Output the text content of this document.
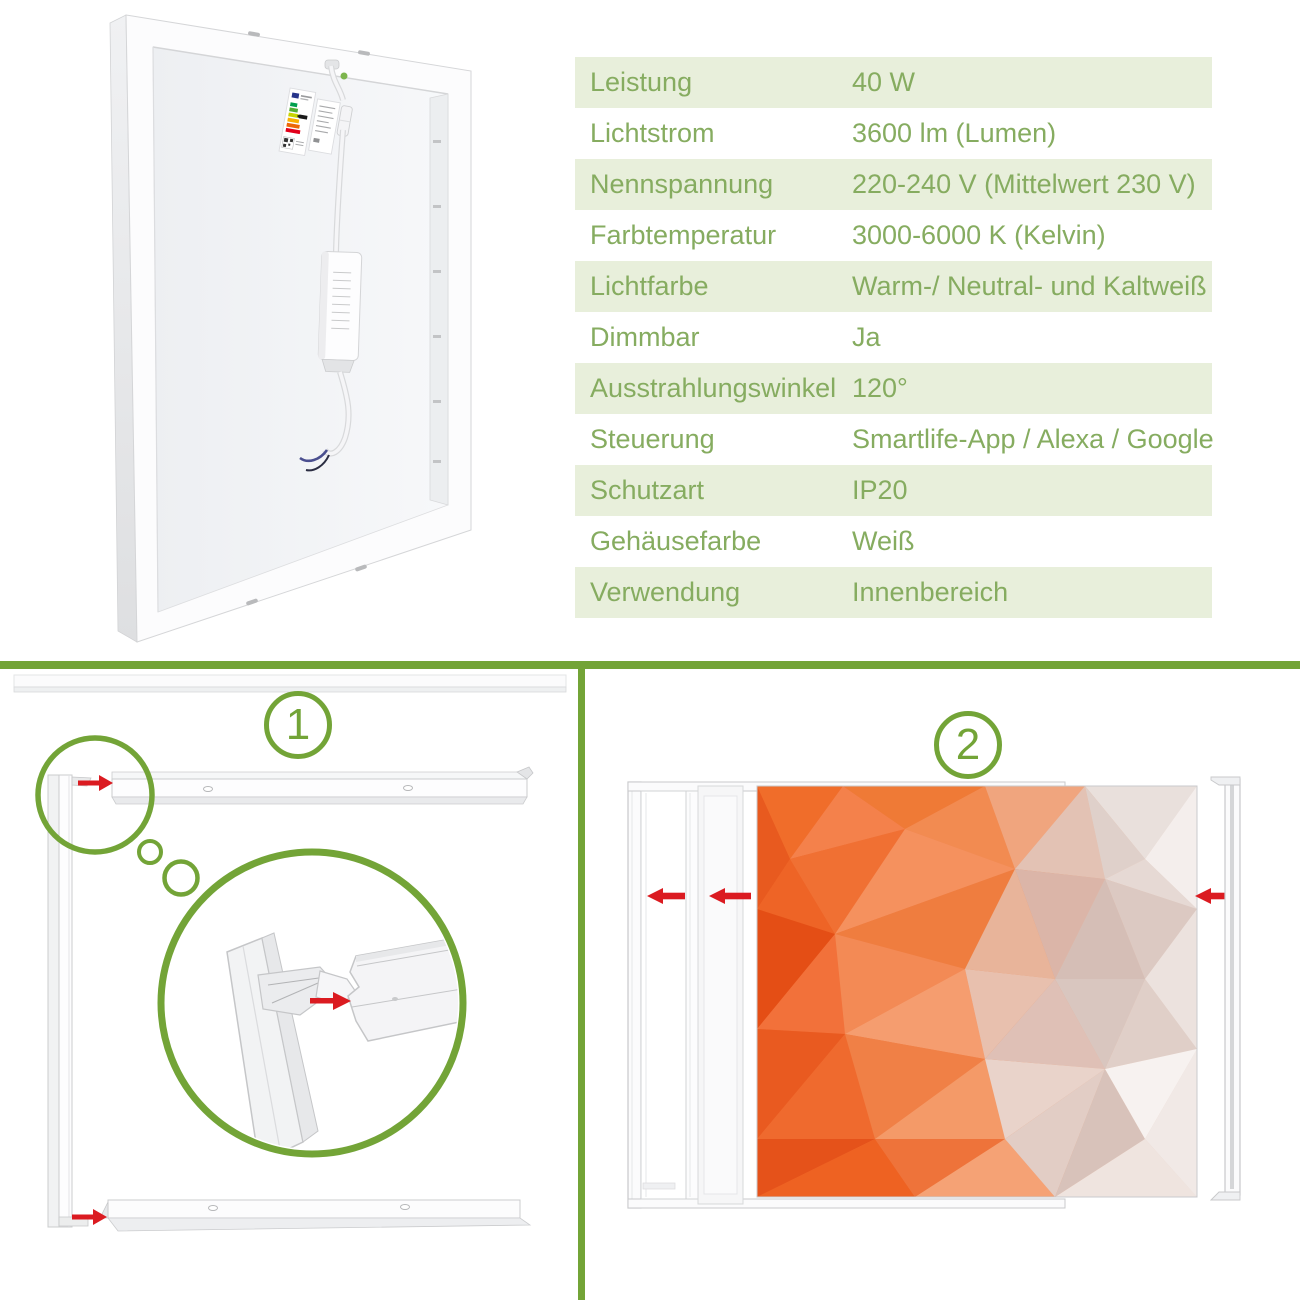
Leistung	40 W
Lichtstrom	3600 lm (Lumen)
Nennspannung	220-240 V (Mittelwert 230 V)
Farbtemperatur	3000-6000 K (Kelvin)
Lichtfarbe	Warm-/ Neutral- und Kaltweiß
Dimmbar	Ja
Ausstrahlungswinkel 120°
Steuerung	Smartlife-App / Alexa / Google
Schutzart	IP20
Gehäusefarbe	Weiß
Verwendung	Innenbereich
1	2
